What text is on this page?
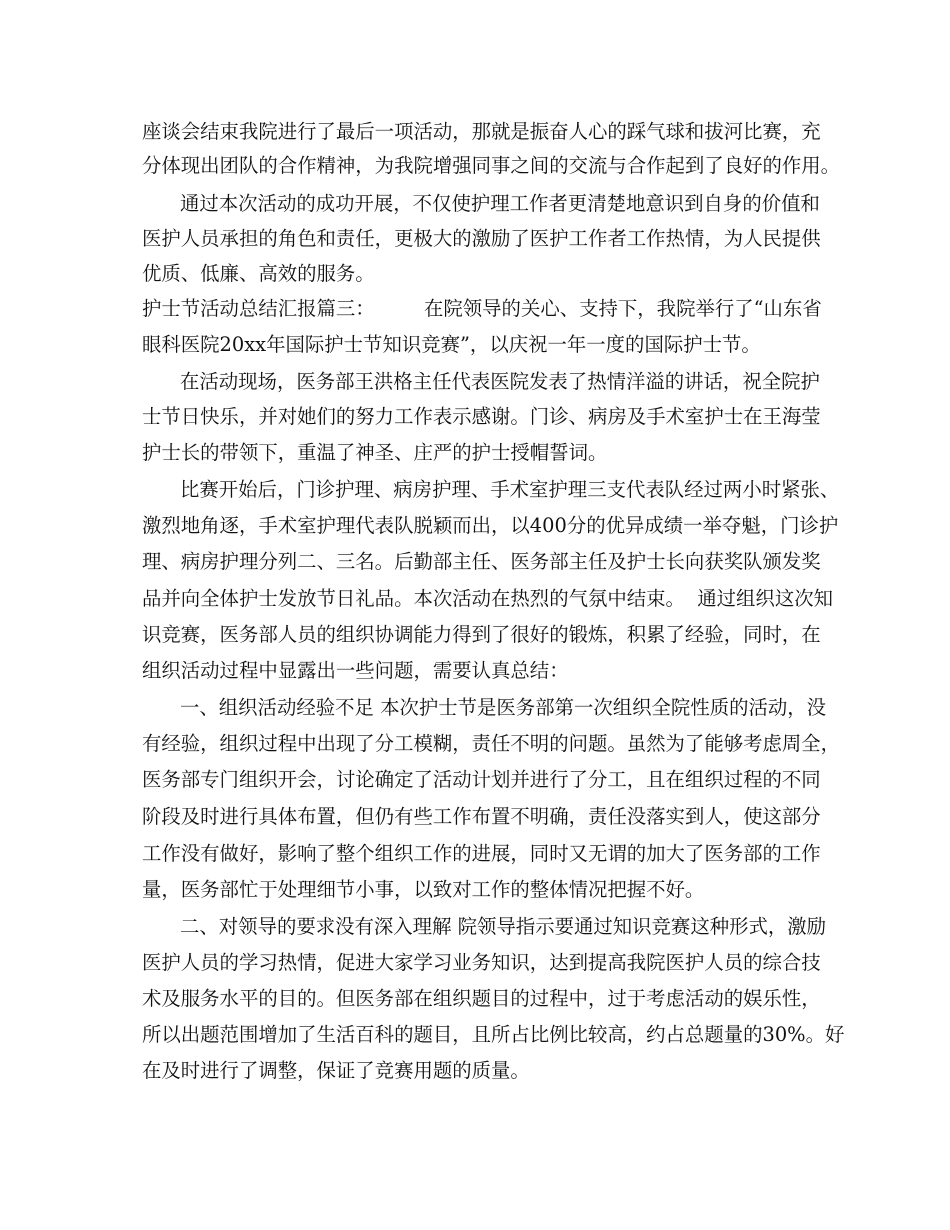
座谈会结束我院进行了最后一项活动，那就是振奋人心的踩气球和拔河比赛，充
分体现出团队的合作精神，为我院增强同事之间的交流与合作起到了良好的作用。
通过本次活动的成功开展，不仅使护理工作者更清楚地意识到自身的价值和
医护人员承担的角色和责任，更极大的激励了医护工作者工作热情，为人民提供
优质、低廉、高效的服务。
护士节活动总结汇报篇三：        在院领导的关心、支持下，我院举行了“山东省
眼科医院20xx年国际护士节知识竞赛”，以庆祝一年一度的国际护士节。
在活动现场，医务部王洪格主任代表医院发表了热情洋溢的讲话，祝全院护
士节日快乐，并对她们的努力工作表示感谢。门诊、病房及手术室护士在王海莹
护士长的带领下，重温了神圣、庄严的护士授帽誓词。
比赛开始后，门诊护理、病房护理、手术室护理三支代表队经过两小时紧张、
激烈地角逐，手术室护理代表队脱颖而出，以400分的优异成绩一举夺魁，门诊护
理、病房护理分列二、三名。后勤部主任、医务部主任及护士长向获奖队颁发奖
品并向全体护士发放节日礼品。本次活动在热烈的气氛中结束。  通过组织这次知
识竞赛，医务部人员的组织协调能力得到了很好的锻炼，积累了经验，同时，在
组织活动过程中显露出一些问题，需要认真总结：
一、组织活动经验不足 本次护士节是医务部第一次组织全院性质的活动，没
有经验，组织过程中出现了分工模糊，责任不明的问题。虽然为了能够考虑周全，
医务部专门组织开会，讨论确定了活动计划并进行了分工，且在组织过程的不同
阶段及时进行具体布置，但仍有些工作布置不明确，责任没落实到人，使这部分
工作没有做好，影响了整个组织工作的进展，同时又无谓的加大了医务部的工作
量，医务部忙于处理细节小事，以致对工作的整体情况把握不好。
二、对领导的要求没有深入理解 院领导指示要通过知识竞赛这种形式，激励
医护人员的学习热情，促进大家学习业务知识，达到提高我院医护人员的综合技
术及服务水平的目的。但医务部在组织题目的过程中，过于考虑活动的娱乐性，
所以出题范围增加了生活百科的题目，且所占比例比较高，约占总题量的30%。好
在及时进行了调整，保证了竞赛用题的质量。
